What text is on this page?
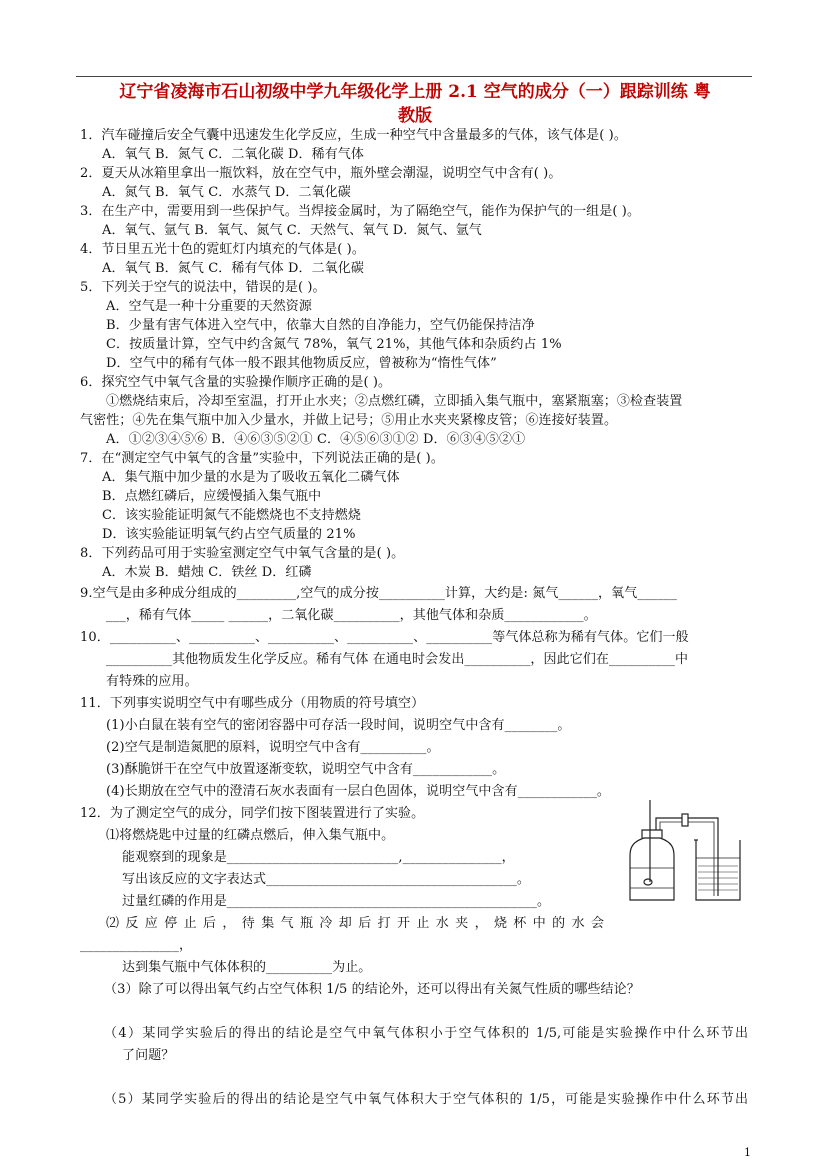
辽宁省凌海市石山初级中学九年级化学上册 2.1 空气的成分（一）跟踪训练 粤
教版
1．汽车碰撞后安全气囊中迅速发生化学反应，生成一种空气中含量最多的气体，该气体是( )。
A．氧气 B．氮气 C．二氧化碳 D．稀有气体
2．夏天从冰箱里拿出一瓶饮料，放在空气中，瓶外壁会潮湿，说明空气中含有( )。
A．氮气 B．氧气 C．水蒸气 D．二氧化碳
3．在生产中，需要用到一些保护气。当焊接金属时，为了隔绝空气，能作为保护气的一组是( )。
A．氧气、氩气 B．氧气、氮气 C．天然气、氧气 D．氮气、氩气
4．节日里五光十色的霓虹灯内填充的气体是( )。
A．氧气 B．氮气 C．稀有气体 D．二氧化碳
5．下列关于空气的说法中，错误的是( )。
A．空气是一种十分重要的天然资源
B．少量有害气体进入空气中，依靠大自然的自净能力，空气仍能保持洁净
C．按质量计算，空气中约含氮气 78%，氧气 21%，其他气体和杂质约占 1%
D．空气中的稀有气体一般不跟其他物质反应，曾被称为“惰性气体”
6．探究空气中氧气含量的实验操作顺序正确的是( )。
①燃烧结束后，冷却至室温，打开止水夹；②点燃红磷，立即插入集气瓶中，塞紧瓶塞；③检查装置
气密性；④先在集气瓶中加入少量水，并做上记号；⑤用止水夹夹紧橡皮管；⑥连接好装置。
A．①②③④⑤⑥ B．④⑥③⑤②① C．④⑤⑥③①② D．⑥③④⑤②①
7．在“测定空气中氧气的含量”实验中，下列说法正确的是( )。
A．集气瓶中加少量的水是为了吸收五氧化二磷气体
B．点燃红磷后，应缓慢插入集气瓶中
C．该实验能证明氮气不能燃烧也不支持燃烧
D．该实验能证明氧气约占空气质量的 21%
8．下列药品可用于实验室测定空气中氧气含量的是( )。
A．木炭 B．蜡烛 C．铁丝 D．红磷
9.空气是由多种成分组成的_________,空气的成分按__________计算，大约是: 氮气______，氧气______
___，稀有气体_____ ______，二氧化碳__________，其他气体和杂质____________。
10．__________、__________、__________、__________、__________等气体总称为稀有气体。它们一般
__________其他物质发生化学反应。稀有气体 在通电时会发出__________，因此它们在__________中
有特殊的应用。
11．下列事实说明空气中有哪些成分（用物质的符号填空）
(1)小白鼠在装有空气的密闭容器中可存活一段时间，说明空气中含有________。
(2)空气是制造氮肥的原料，说明空气中含有__________。
(3)酥脆饼干在空气中放置逐渐变软，说明空气中含有____________。
(4)长期放在空气中的澄清石灰水表面有一层白色固体，说明空气中含有____________。
12．为了测定空气的成分，同学们按下图装置进行了实验。
⑴将燃烧匙中过量的红磷点燃后，伸入集气瓶中。
能观察到的现象是__________________________,_______________，
写出该反应的文字表达式______________________________________。
过量红磷的作用是_______________________________________________。
⑵反应停止后，待集气瓶冷却后打开止水夹，烧杯中的水会
_______________，
达到集气瓶中气体体积的__________为止。
（3）除了可以得出氧气约占空气体积 1/5 的结论外，还可以得出有关氮气性质的哪些结论？
（4）某同学实验后的得出的结论是空气中氧气体积小于空气体积的 1/5,可能是实验操作中什么环节出
了问题？
（5）某同学实验后的得出的结论是空气中氧气体积大于空气体积的 1/5，可能是实验操作中什么环节出
1
